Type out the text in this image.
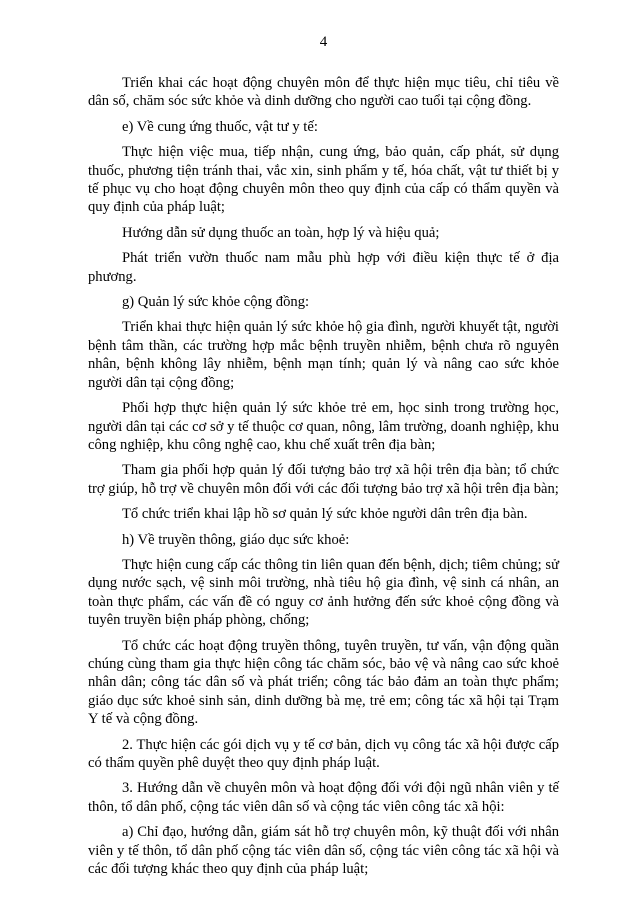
4

Triển khai các hoạt động chuyên môn để thực hiện mục tiêu, chỉ tiêu về dân số, chăm sóc sức khỏe và dinh dưỡng cho người cao tuổi tại cộng đồng.

e) Về cung ứng thuốc, vật tư y tế:

Thực hiện việc mua, tiếp nhận, cung ứng, bảo quản, cấp phát, sử dụng thuốc, phương tiện tránh thai, vắc xin, sinh phẩm y tế, hóa chất, vật tư thiết bị y tế phục vụ cho hoạt động chuyên môn theo quy định của cấp có thẩm quyền và quy định của pháp luật;

Hướng dẫn sử dụng thuốc an toàn, hợp lý và hiệu quả;

Phát triển vườn thuốc nam mẫu phù hợp với điều kiện thực tế ở địa phương.

g) Quản lý sức khỏe cộng đồng:

Triển khai thực hiện quản lý sức khỏe hộ gia đình, người khuyết tật, người bệnh tâm thần, các trường hợp mắc bệnh truyền nhiễm, bệnh chưa rõ nguyên nhân, bệnh không lây nhiễm, bệnh mạn tính; quản lý và nâng cao sức khỏe người dân tại cộng đồng;

Phối hợp thực hiện quản lý sức khỏe trẻ em, học sinh trong trường học, người dân tại các cơ sở y tế thuộc cơ quan, nông, lâm trường, doanh nghiệp, khu công nghiệp, khu công nghệ cao, khu chế xuất trên địa bàn;

Tham gia phối hợp quản lý đối tượng bảo trợ xã hội trên địa bàn; tổ chức trợ giúp, hỗ trợ về chuyên môn đối với các đối tượng bảo trợ xã hội trên địa bàn;

Tổ chức triển khai lập hồ sơ quản lý sức khỏe người dân trên địa bàn.

h) Về truyền thông, giáo dục sức khoẻ:

Thực hiện cung cấp các thông tin liên quan đến bệnh, dịch; tiêm chủng; sử dụng nước sạch, vệ sinh môi trường, nhà tiêu hộ gia đình, vệ sinh cá nhân, an toàn thực phẩm, các vấn đề có nguy cơ ảnh hưởng đến sức khoẻ cộng đồng và tuyên truyền biện pháp phòng, chống;

Tổ chức các hoạt động truyền thông, tuyên truyền, tư vấn, vận động quần chúng cùng tham gia thực hiện công tác chăm sóc, bảo vệ và nâng cao sức khoẻ nhân dân; công tác dân số và phát triển; công tác bảo đảm an toàn thực phẩm; giáo dục sức khoẻ sinh sản, dinh dưỡng bà mẹ, trẻ em; công tác xã hội tại Trạm Y tế và cộng đồng.

2. Thực hiện các gói dịch vụ y tế cơ bản, dịch vụ công tác xã hội được cấp có thẩm quyền phê duyệt theo quy định pháp luật.

3. Hướng dẫn về chuyên môn và hoạt động đối với đội ngũ nhân viên y tế thôn, tổ dân phố, cộng tác viên dân số và cộng tác viên công tác xã hội:

a) Chỉ đạo, hướng dẫn, giám sát hỗ trợ chuyên môn, kỹ thuật đối với nhân viên y tế thôn, tổ dân phố cộng tác viên dân số, cộng tác viên công tác xã hội và các đối tượng khác theo quy định của pháp luật;
